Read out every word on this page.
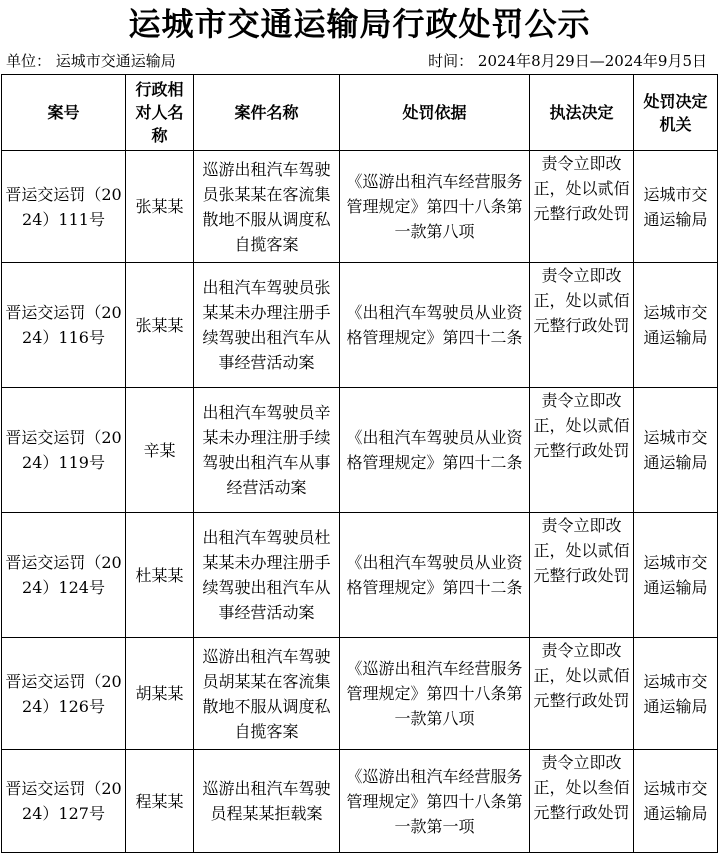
运城市交通运输局行政处罚公示
单位： 运城市交通运输局	时间： 2024年8月29日—2024年9月5日
案号	行政相对人名称	案件名称	处罚依据	执法决定	处罚决定机关
晋运交运罚（2024）111号	张某某	巡游出租汽车驾驶员张某某在客流集散地不服从调度私自揽客案	《巡游出租汽车经营服务管理规定》第四十八条第一款第八项	责令立即改正，处以贰佰元整行政处罚	运城市交通运输局
晋运交运罚（2024）116号	张某某	出租汽车驾驶员张某某未办理注册手续驾驶出租汽车从事经营活动案	《出租汽车驾驶员从业资格管理规定》第四十二条	责令立即改正，处以贰佰元整行政处罚	运城市交通运输局
晋运交运罚（2024）119号	辛某	出租汽车驾驶员辛某未办理注册手续驾驶出租汽车从事经营活动案	《出租汽车驾驶员从业资格管理规定》第四十二条	责令立即改正，处以贰佰元整行政处罚	运城市交通运输局
晋运交运罚（2024）124号	杜某某	出租汽车驾驶员杜某某未办理注册手续驾驶出租汽车从事经营活动案	《出租汽车驾驶员从业资格管理规定》第四十二条	责令立即改正，处以贰佰元整行政处罚	运城市交通运输局
晋运交运罚（2024）126号	胡某某	巡游出租汽车驾驶员胡某某在客流集散地不服从调度私自揽客案	《巡游出租汽车经营服务管理规定》第四十八条第一款第八项	责令立即改正，处以贰佰元整行政处罚	运城市交通运输局
晋运交运罚（2024）127号	程某某	巡游出租汽车驾驶员程某某拒载案	《巡游出租汽车经营服务管理规定》第四十八条第一款第一项	责令立即改正，处以叁佰元整行政处罚	运城市交通运输局
